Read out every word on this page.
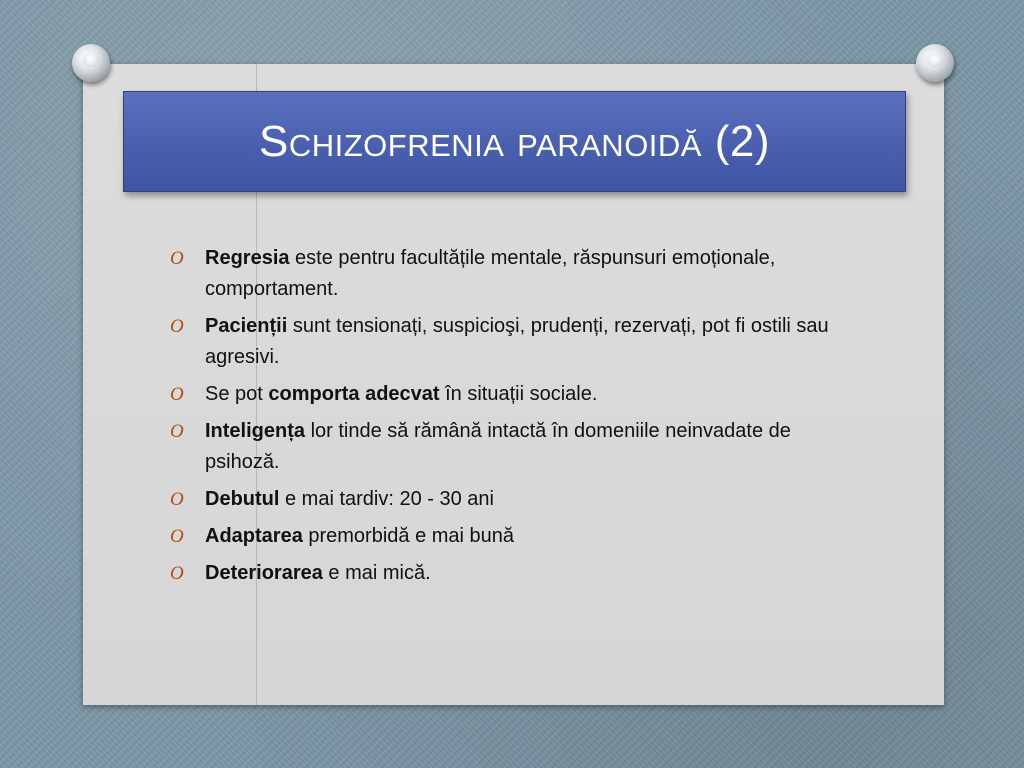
Schizofrenia paranoidă (2)
O Regresia este pentru facultățile mentale, răspunsuri emoționale, comportament.
O Pacienții sunt tensionați, suspicioşi, prudenți, rezervați, pot fi ostili sau agresivi.
O Se pot comporta adecvat în situații sociale.
O Inteligența lor tinde să rămână intactă în domeniile neinvadate de psihoză.
O Debutul e mai tardiv: 20 - 30 ani
O Adaptarea premorbidă e mai bună
O Deteriorarea e mai mică.
